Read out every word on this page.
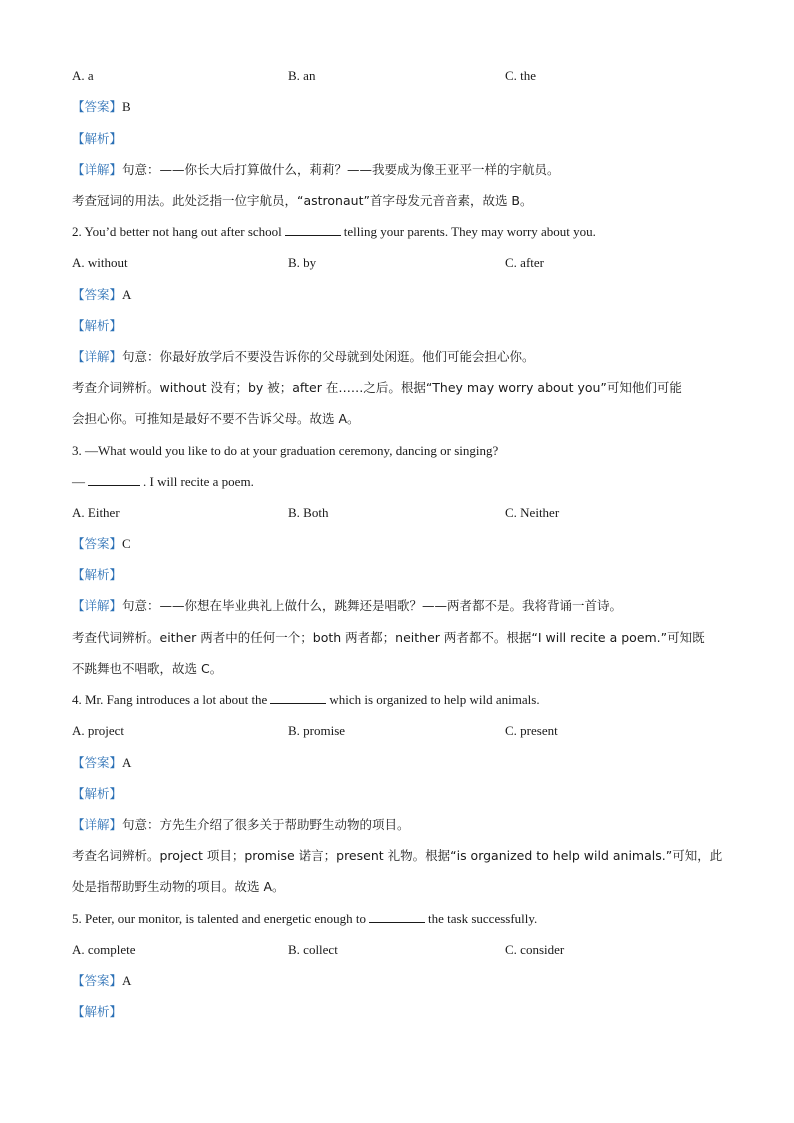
A. a	B. an	C. the
【答案】B
【解析】
【详解】句意：——你长大后打算做什么，莉莉？——我要成为像王亚平一样的宇航员。
考查冠词的用法。此处泛指一位宇航员，“astronaut”首字母发元音音素，故选 B。
2. You’d better not hang out after school	telling your parents. They may worry about you.
A. without	B. by	C. after
【答案】A
【解析】
【详解】句意：你最好放学后不要没告诉你的父母就到处闲逛。他们可能会担心你。
考查介词辨析。without 没有；by 被；after 在……之后。根据“They may worry about you”可知他们可能
会担心你。可推知是最好不要不告诉父母。故选 A。
3. —What would you like to do at your graduation ceremony, dancing or singing?
—	. I will recite a poem.
A. Either	B. Both	C. Neither
【答案】C
【解析】
【详解】句意：——你想在毕业典礼上做什么，跳舞还是唱歌？——两者都不是。我将背诵一首诗。
考查代词辨析。either 两者中的任何一个；both 两者都；neither 两者都不。根据“I will recite a poem.”可知既
不跳舞也不唱歌，故选 C。
4. Mr. Fang introduces a lot about the	which is organized to help wild animals.
A. project	B. promise	C. present
【答案】A
【解析】
【详解】句意：方先生介绍了很多关于帮助野生动物的项目。
考查名词辨析。project 项目；promise 诺言；present 礼物。根据“is organized to help wild animals.”可知，此
处是指帮助野生动物的项目。故选 A。
5. Peter, our monitor, is talented and energetic enough to	the task successfully.
A. complete	B. collect	C. consider
【答案】A
【解析】
